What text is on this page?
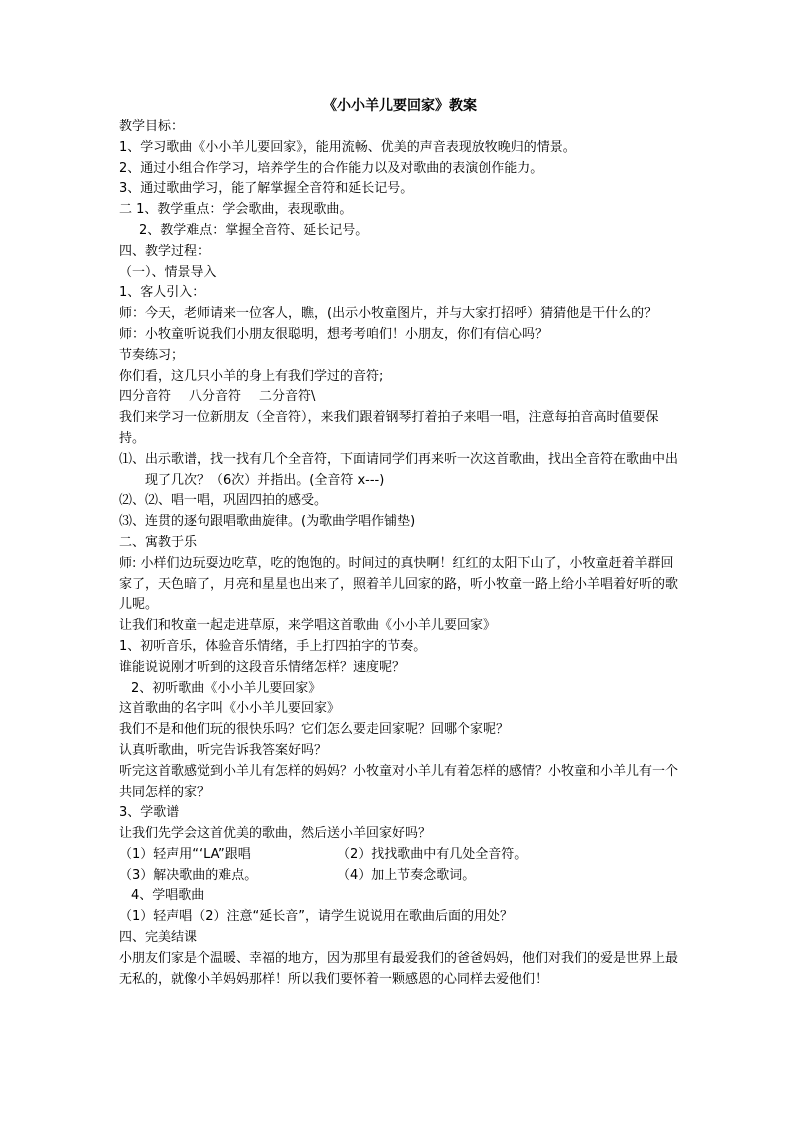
《小小羊儿要回家》教案
教学目标：
1、学习歌曲《小小羊儿要回家》，能用流畅、优美的声音表现放牧晚归的情景。
2、通过小组合作学习，培养学生的合作能力以及对歌曲的表演创作能力。
3、通过歌曲学习，能了解掌握全音符和延长记号。
二 1、教学重点：学会歌曲，表现歌曲。
2、教学难点：掌握全音符、延长记号。
四、教学过程：
（一）、情景导入
1、客人引入：
师：今天，老师请来一位客人，瞧，(出示小牧童图片，并与大家打招呼）猜猜他是干什么的？
师：小牧童听说我们小朋友很聪明，想考考咱们！小朋友，你们有信心吗？
节奏练习；
你们看，这几只小羊的身上有我们学过的音符;
四分音符 八分音符 二分音符\
我们来学习一位新朋友（全音符），来我们跟着钢琴打着拍子来唱一唱，注意每拍音高时值要保持。
⑴、出示歌谱，找一找有几个全音符，下面请同学们再来听一次这首歌曲，找出全音符在歌曲中出现了几次？（6次）并指出。(全音符 x---)
⑵、⑵、唱一唱，巩固四拍的感受。
⑶、连贯的逐句跟唱歌曲旋律。(为歌曲学唱作铺垫)
二、寓教于乐
师: 小样们边玩耍边吃草，吃的饱饱的。时间过的真快啊！红红的太阳下山了，小牧童赶着羊群回家了，天色暗了，月亮和星星也出来了，照着羊儿回家的路，听小牧童一路上给小羊唱着好听的歌儿呢。
让我们和牧童一起走进草原，来学唱这首歌曲《小小羊儿要回家》
1、初听音乐，体验音乐情绪，手上打四拍字的节奏。
谁能说说刚才听到的这段音乐情绪怎样？速度呢？
2、初听歌曲《小小羊儿要回家》
这首歌曲的名字叫《小小羊儿要回家》
我们不是和他们玩的很快乐吗？它们怎么要走回家呢？回哪个家呢？
认真听歌曲，听完告诉我答案好吗？
听完这首歌感觉到小羊儿有怎样的妈妈？小牧童对小羊儿有着怎样的感情？小牧童和小羊儿有一个共同怎样的家？
3、学歌谱
让我们先学会这首优美的歌曲，然后送小羊回家好吗？
（1）轻声用“‘LA”跟唱	（2）找找歌曲中有几处全音符。
（3）解决歌曲的难点。	（4）加上节奏念歌词。
4、学唱歌曲
（1）轻声唱（2）注意“延长音”，请学生说说用在歌曲后面的用处？
四、完美结课
小朋友们家是个温暖、幸福的地方，因为那里有最爱我们的爸爸妈妈，他们对我们的爱是世界上最无私的，就像小羊妈妈那样！所以我们要怀着一颗感恩的心同样去爱他们！
